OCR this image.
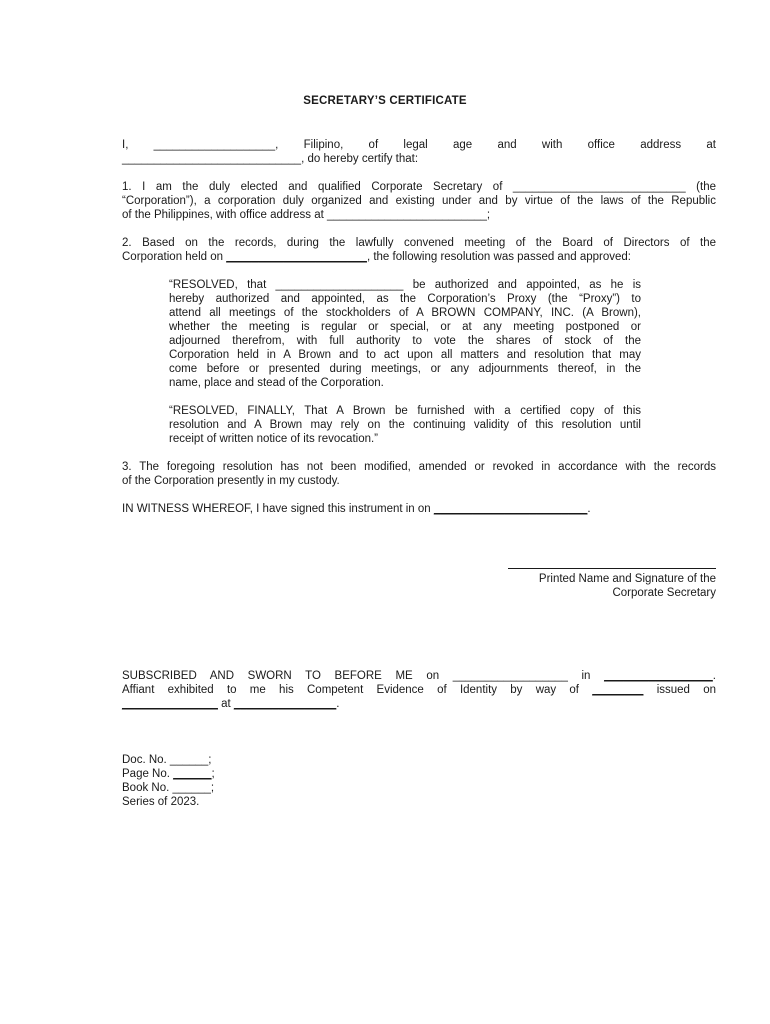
SECRETARY’S CERTIFICATE
I, ___________________, Filipino, of legal age and with office address at
____________________________, do hereby certify that:
1. I am the duly elected and qualified Corporate Secretary of ___________________________ (the
“Corporation”), a corporation duly organized and existing under and by virtue of the laws of the Republic
of the Philippines, with office address at _________________________;
2. Based on the records, during the lawfully convened meeting of the Board of Directors of the
Corporation held on ______________________, the following resolution was passed and approved:
“RESOLVED, that ____________________ be authorized and appointed, as he is
hereby authorized and appointed, as the Corporation’s Proxy (the “Proxy”) to
attend all meetings of the stockholders of A BROWN COMPANY, INC. (A Brown),
whether the meeting is regular or special, or at any meeting postponed or
adjourned therefrom, with full authority to vote the shares of stock of the
Corporation held in A Brown and to act upon all matters and resolution that may
come before or presented during meetings, or any adjournments thereof, in the
name, place and stead of the Corporation.
“RESOLVED, FINALLY, That A Brown be furnished with a certified copy of this
resolution and A Brown may rely on the continuing validity of this resolution until
receipt of written notice of its revocation.”
3. The foregoing resolution has not been modified, amended or revoked in accordance with the records
of the Corporation presently in my custody.
IN WITNESS WHEREOF, I have signed this instrument in on ________________________.
Printed Name and Signature of the
Corporate Secretary
SUBSCRIBED AND SWORN TO BEFORE ME on __________________ in _________________.
Affiant exhibited to me his Competent Evidence of Identity by way of ________ issued on
_______________ at ________________.
Doc. No. ______;
Page No. ______;
Book No. ______;
Series of 2023.
